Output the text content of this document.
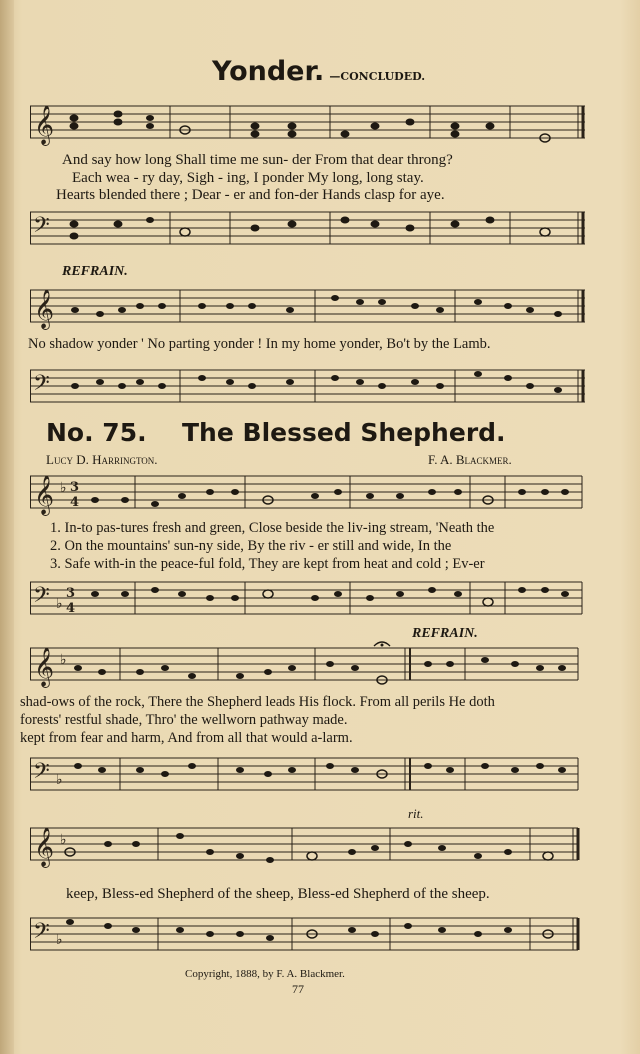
Yonder. —CONCLUDED.
𝄞
And say how long Shall time me sun- der From that dear throng?
Each wea - ry day, Sigh - ing, I ponder My long, long stay.
Hearts blended there ; Dear - er and fon-der Hands clasp for aye.
𝄢
REFRAIN.
𝄞
No shadow yonder ' No parting yonder ! In my home yonder, Bo't by the Lamb.
𝄢
No. 75. The Blessed Shepherd.
Lucy D. Harrington.	F. A. Blackmer.
𝄞 ♭ 3
4
1. In-to pas-tures fresh and green, Close beside the liv-ing stream, 'Neath the
2. On the mountains' sun-ny side, By the riv - er still and wide, In the
3. Safe with-in the peace-ful fold, They are kept from heat and cold ; Ev-er
𝄢 ♭
3
4
REFRAIN.
𝄞 ♭
shad-ows of the rock, There the Shepherd leads His flock. From all perils He doth
forests' restful shade, Thro' the wellworn pathway made.
kept from fear and harm, And from all that would a-larm.
𝄢 ♭
rit.
𝄞 ♭
keep, Bless-ed Shepherd of the sheep, Bless-ed Shepherd of the sheep.
𝄢 ♭
Copyright, 1888, by F. A. Blackmer.
77
